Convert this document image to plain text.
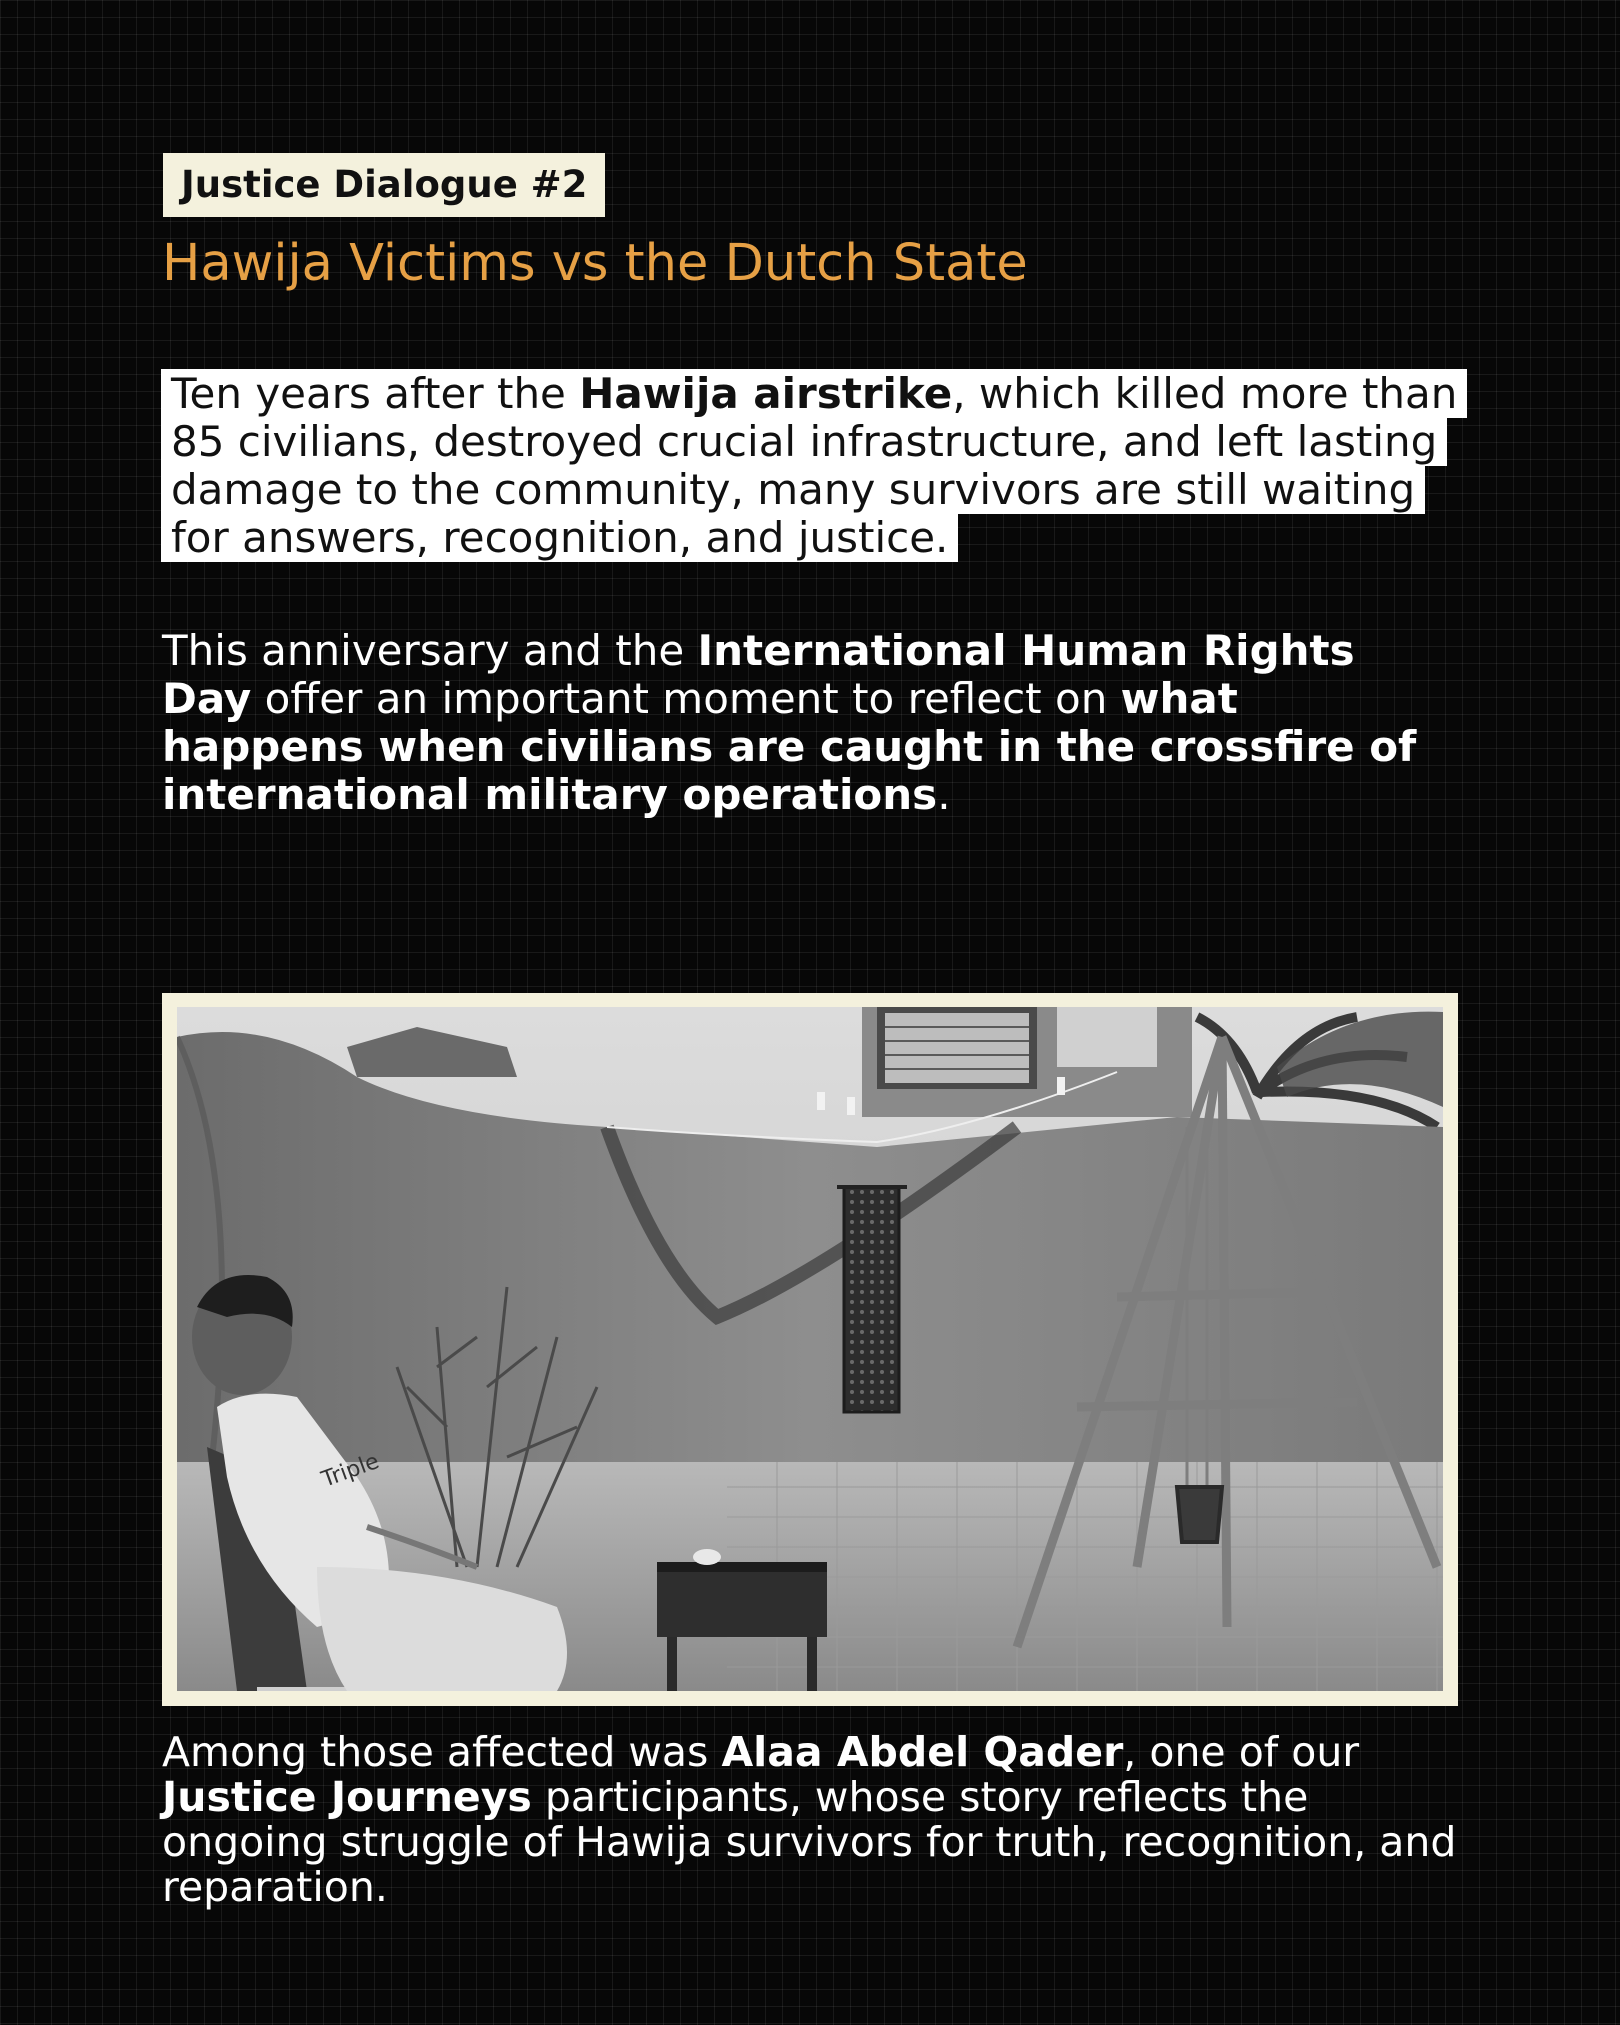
Justice Dialogue #2
Hawija Victims vs the Dutch State
Ten years after the Hawija airstrike, which killed more than 85 civilians, destroyed crucial infrastructure, and left lasting damage to the community, many survivors are still waiting for answers, recognition, and justice.
This anniversary and the International Human Rights Day offer an important moment to reflect on what happens when civilians are caught in the crossfire of international military operations.
Triple
Among those affected was Alaa Abdel Qader, one of our Justice Journeys participants, whose story reflects the ongoing struggle of Hawija survivors for truth, recognition, and reparation.
